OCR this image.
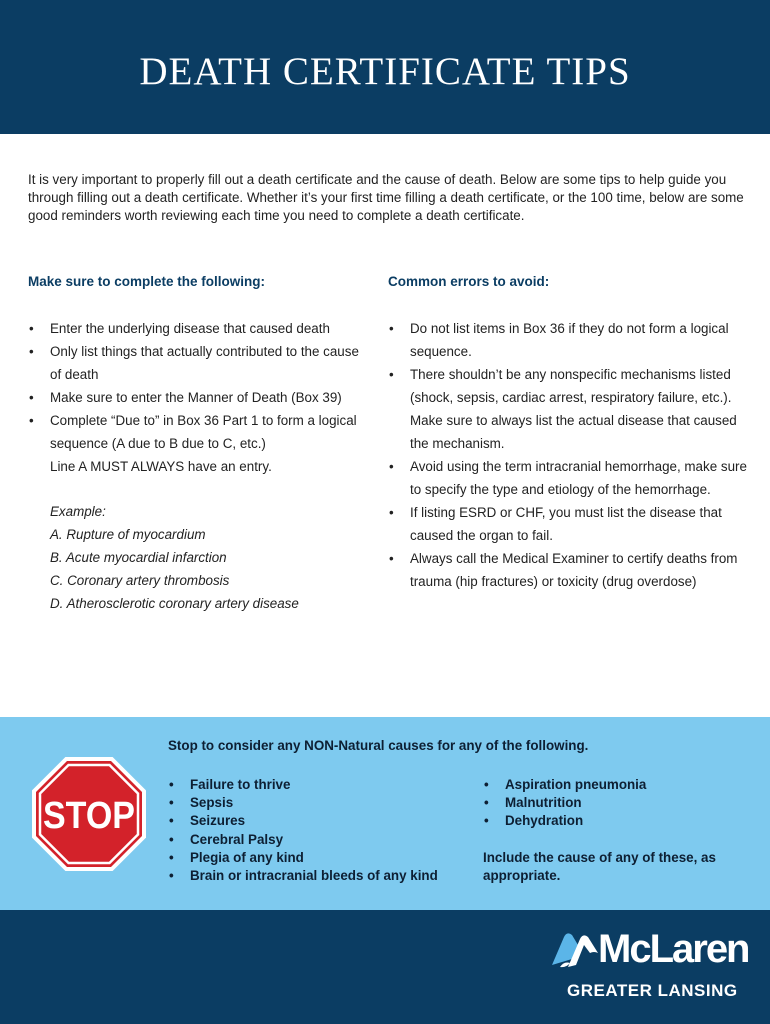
DEATH CERTIFICATE TIPS

It is very important to properly fill out a death certificate and the cause of death. Below are some tips to help guide you through filling out a death certificate. Whether it’s your first time filling a death certificate, or the 100 time, below are some good reminders worth reviewing each time you need to complete a death certificate.

Make sure to complete the following:	Common errors to avoid:
• Enter the underlying disease that caused death
• Only list things that actually contributed to the cause of death
• Make sure to enter the Manner of Death (Box 39)
• Complete “Due to” in Box 36 Part 1 to form a logical sequence (A due to B due to C, etc.)
Line A MUST ALWAYS have an entry.
Example:
A. Rupture of myocardium
B. Acute myocardial infarction
C. Coronary artery thrombosis
D. Atherosclerotic coronary artery disease
• Do not list items in Box 36 if they do not form a logical sequence.
• There shouldn’t be any nonspecific mechanisms listed (shock, sepsis, cardiac arrest, respiratory failure, etc.). Make sure to always list the actual disease that caused the mechanism.
• Avoid using the term intracranial hemorrhage, make sure to specify the type and etiology of the hemorrhage.
• If listing ESRD or CHF, you must list the disease that caused the organ to fail.
• Always call the Medical Examiner to certify deaths from trauma (hip fractures) or toxicity (drug overdose)
Stop to consider any NON-Natural causes for any of the following.
STOP
• Failure to thrive
• Sepsis
• Seizures
• Cerebral Palsy
• Plegia of any kind
• Brain or intracranial bleeds of any kind
• Aspiration pneumonia
• Malnutrition
• Dehydration
Include the cause of any of these, as appropriate.
McLaren
GREATER LANSING
